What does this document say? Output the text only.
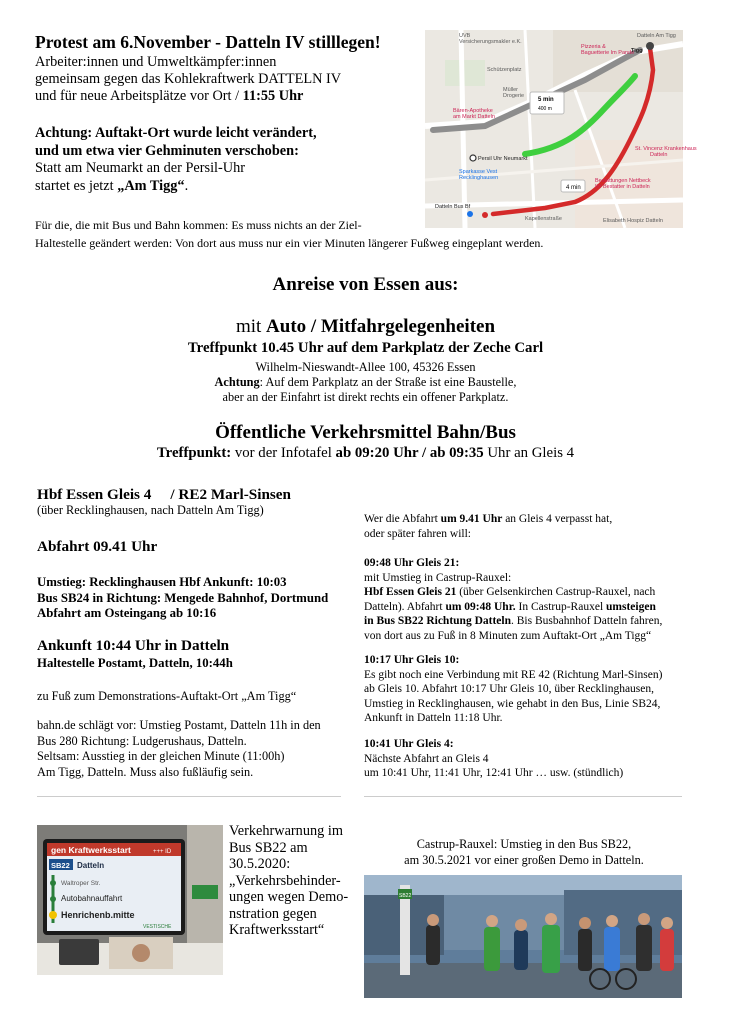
Protest am 6.November - Datteln IV stilllegen!

Arbeiter:innen und Umweltkämpfer:innen

gemeinsam gegen das Kohlekraftwerk DATTELN IV

und für neue Arbeitsplätze vor Ort / 11:55 Uhr

Achtung: Auftakt-Ort wurde leicht verändert,

und um etwa vier Gehminuten verschoben:

Statt am Neumarkt an der Persil-Uhr

startet es jetzt „Am Tigg“.

Für die, die mit Bus und Bahn kommen: Es muss nichts an der Ziel-

Haltestelle geändert werden: Von dort aus muss nur ein vier Minuten längerer Fußweg eingeplant werden.

5 min
400 m
4 min
UVB
Versicherungsmakler e.K.
Schützenplatz
Müller
Drogerie
Pizzeria &
Baguetterie Im Pande
Datteln Am Tigg
Tigg
Bären-Apotheke
am Markt Datteln
Persil Uhr Neumarkt
Sparkasse Vest
Recklinghausen
Datteln Bus Bf
Bestattungen Nettbeck
Ihr Bestatter in Datteln
St. Vincenz Krankenhaus
Datteln
Elisabeth Hospiz Datteln
Kapellenstraße
Anreise von Essen aus:
mit Auto / Mitfahrgelegenheiten
Treffpunkt 10.45 Uhr auf dem Parkplatz der Zeche Carl
Wilhelm-Nieswandt-Allee 100, 45326 Essen
Achtung: Auf dem Parkplatz an der Straße ist eine Baustelle,
aber an der Einfahrt ist direkt rechts ein offener Parkplatz.
Öffentliche Verkehrsmittel Bahn/Bus
Treffpunkt: vor der Infotafel ab 09:20 Uhr / ab 09:35 Uhr an Gleis 4
Hbf Essen Gleis 4     / RE2 Marl-Sinsen
(über Recklinghausen, nach Datteln Am Tigg)
Abfahrt 09.41 Uhr

Umstieg: Recklinghausen Hbf Ankunft: 10:03

Bus SB24 in Richtung: Mengede Bahnhof, Dortmund

Abfahrt am Osteingang ab 10:16

Ankunft 10:44 Uhr in Datteln
Haltestelle Postamt, Datteln, 10:44h
zu Fuß zum Demonstrations-Auftakt-Ort „Am Tigg“

bahn.de schlägt vor: Umstieg Postamt, Datteln 11h in den

Bus 280 Richtung: Ludgerushaus, Datteln.

Seltsam: Ausstieg in der gleichen Minute (11:00h)

Am Tigg, Datteln. Muss also fußläufig sein.

Wer die Abfahrt um 9.41 Uhr an Gleis 4 verpasst hat,

oder später fahren will:

09:48 Uhr Gleis 21:

mit Umstieg in Castrup-Rauxel:

Hbf Essen Gleis 21 (über Gelsenkirchen Castrup-Rauxel, nach

Datteln). Abfahrt um 09:48 Uhr. In Castrup-Rauxel umsteigen

in Bus SB22 Richtung Datteln. Bis Busbahnhof Datteln fahren,

von dort aus zu Fuß in 8 Minuten zum Auftakt-Ort „Am Tigg“

10:17 Uhr Gleis 10:

Es gibt noch eine Verbindung mit RE 42 (Richtung Marl-Sinsen)

ab Gleis 10. Abfahrt 10:17 Uhr Gleis 10, über Recklinghausen,

Umstieg in Recklinghausen, wie gehabt in den Bus, Linie SB24,

Ankunft in Datteln 11:18 Uhr.

10:41 Uhr Gleis 4:

Nächste Abfahrt an Gleis 4

um 10:41 Uhr, 11:41 Uhr, 12:41 Uhr … usw. (stündlich)

gen Kraftwerksstart	+++ ID
SB22 Datteln
Waltroper Str.
Autobahnauffahrt
Henrichenb.mitte
VESTISCHE

Verkehrwarnung im

Bus SB22 am

30.5.2020:

„Verkehrsbehinder-

ungen wegen Demo-

nstration gegen

Kraftwerksstart“

Castrup-Rauxel: Umstieg in den Bus SB22,

am 30.5.2021 vor einer großen Demo in Datteln.

SB22
